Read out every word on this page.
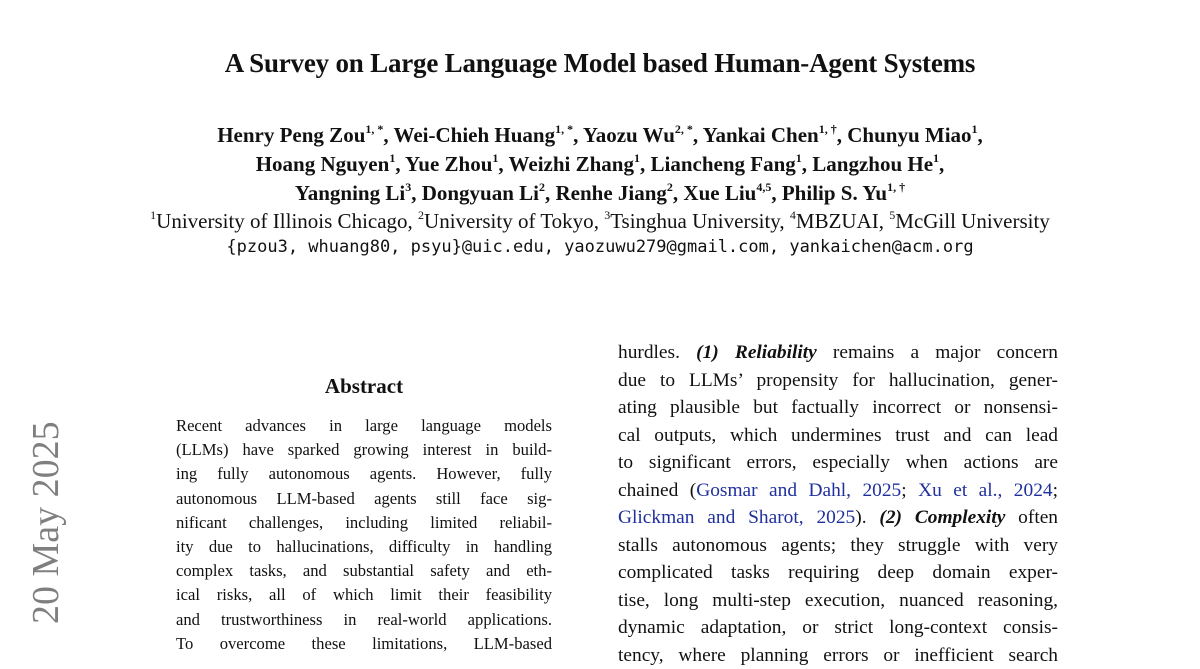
A Survey on Large Language Model based Human-Agent Systems
Henry Peng Zou$^{1, *}$, Wei-Chieh Huang$^{1, *}$, Yaozu $Wu^{2, *}$, Yankai Chen$^{1, \dagger}$, Chunyu Miao$^1$,
Hoang Nguyen$^1$, Yue Zhou$^1$, Weizhi Zhang$^1$, Liancheng Fang$^1$, Langzhou He$^1$,
Yangning Li$^3$, Dongyuan Li$^2$, Renhe Jiang$^2$, Xue Liu$^{4,5}$, Philip S. $Yu^{1, \dagger}$
$^1$University of Illinois Chicago, $^2$University of Tokyo, $^3$Tsinghua University, $^4$MBZUAI, $^5$McGill University
{pzou3, whuang80, psyu}@uic.edu, yaozuwu279@gmail.com, yankaichen@acm.org
20 May 2025
Abstract
Recent advances in large language models
(LLMs) have sparked growing interest in build-
ing fully autonomous agents. However, fully
autonomous LLM-based agents still face sig-
nificant challenges, including limited reliabil-
ity due to hallucinations, difficulty in handling
complex tasks, and substantial safety and eth-
ical risks, all of which limit their feasibility
and trustworthiness in real-world applications.
To overcome these limitations, LLM-based
hurdles. (1) Reliability remains a major concern
due to LLMs’ propensity for hallucination, gener-
ating plausible but factually incorrect or nonsensi-
cal outputs, which undermines trust and can lead
to significant errors, especially when actions are
chained (Gosmar and Dahl, 2025; Xu et al., 2024;
Glickman and Sharot, 2025). (2) Complexity often
stalls autonomous agents; they struggle with very
complicated tasks requiring deep domain exper-
tise, long multi-step execution, nuanced reasoning,
dynamic adaptation, or strict long-context consis-
tency, where planning errors or inefficient search
